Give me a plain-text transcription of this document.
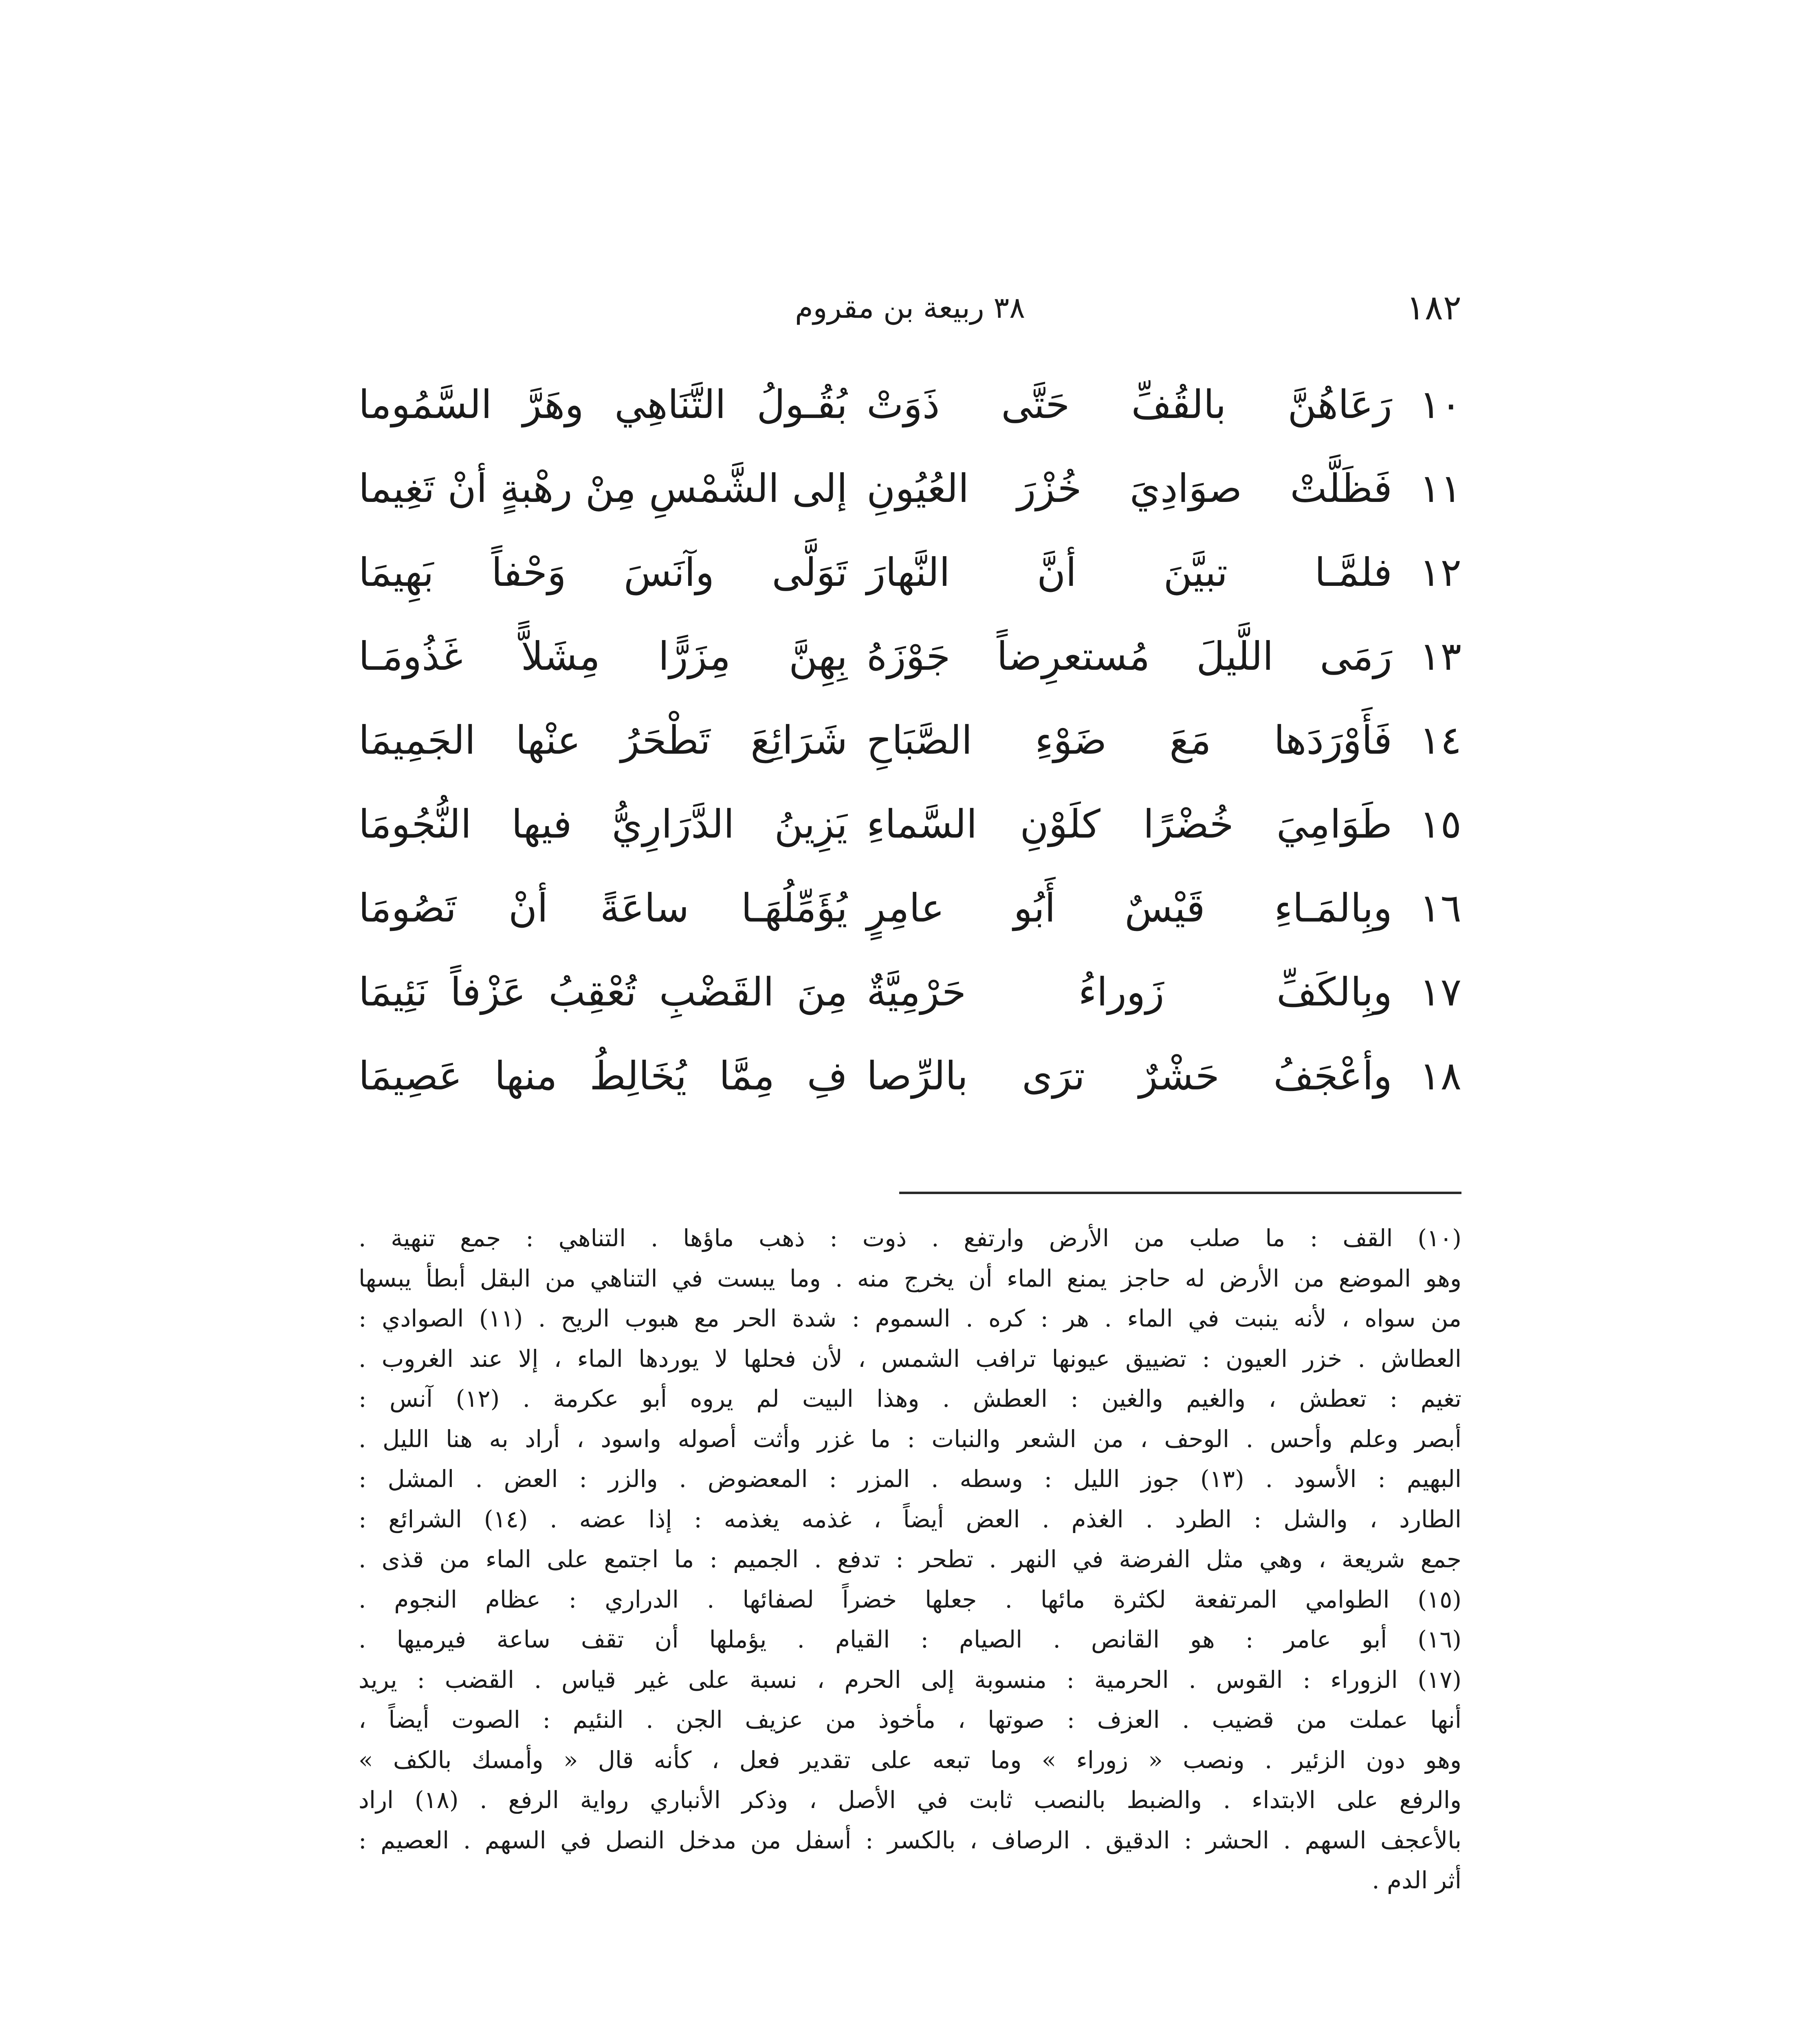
١٨٢
٣٨ ربيعة بن مقروم
١٠
رَعَاهُنَّ بالقُفِّ حَتَّى ذَوَتْ
بُقُـولُ التَّنَاهِي وهَرَّ السَّمُوما
١١
فَظَلَّتْ صوَادِيَ خُزْرَ العُيُونِ
إلى الشَّمْسِ مِنْ رهْبةٍ أنْ تَغِيما
١٢
فلمَّـا تبيَّنَ أنَّ النَّهارَ
تَوَلَّى وآنَسَ وَحْفاً بَهِيمَا
١٣
رَمَى اللَّيلَ مُستعرِضاً جَوْزَهُ
بِهِنَّ مِزَرًّا مِشَلاًّ غَذُومَـا
١٤
فَأَوْرَدَها مَعَ ضَوْءِ الصَّبَاحِ
شَرَائِعَ تَطْحَرُ عنْها الجَمِيمَا
١٥
طَوَامِيَ خُضْرًا كلَوْنِ السَّماءِ
يَزِينُ الدَّرَارِيُّ فيها النُّجُومَا
١٦
وبِالمَـاءِ قَيْسٌ أَبُو عامِرٍ
يُؤَمِّلُهَـا ساعَةً أنْ تَصُومَا
١٧
وبِالكَفِّ زَوراءُ حَرْمِيَّةٌ
مِنَ القَضْبِ تُعْقِبُ عَزْفاً نَئِيمَا
١٨
وأعْجَفُ حَشْرٌ ترَى بالرِّصا
فِ مِمَّا يُخَالِطُ منها عَصِيمَا
(١٠) القف : ما صلب من الأرض وارتفع . ذوت : ذهب ماؤها . التناهي : جمع تنهية .
وهو الموضع من الأرض له حاجز يمنع الماء أن يخرج منه . وما يبست في التناهي من البقل أبطأ يبسها
من سواه ، لأنه ينبت في الماء . هر : كره . السموم : شدة الحر مع هبوب الريح . (١١) الصوادي :
العطاش . خزر العيون : تضييق عيونها ترافب الشمس ، لأن فحلها لا يوردها الماء ، إلا عند الغروب .
تغيم : تعطش ، والغيم والغين : العطش . وهذا البيت لم يروه أبو عكرمة . (١٢) آنس :
أبصر وعلم وأحس . الوحف ، من الشعر والنبات : ما غزر وأثت أصوله واسود ، أراد به هنا الليل .
البهيم : الأسود . (١٣) جوز الليل : وسطه . المزر : المعضوض . والزر : العض . المشل :
الطارد ، والشل : الطرد . الغذم . العض أيضاً ، غذمه يغذمه : إذا عضه . (١٤) الشرائع :
جمع شريعة ، وهي مثل الفرضة في النهر . تطحر : تدفع . الجميم : ما اجتمع على الماء من قذى .
(١٥) الطوامي المرتفعة لكثرة مائها . جعلها خضراً لصفائها . الدراري : عظام النجوم .
(١٦) أبو عامر : هو القانص . الصيام : القيام . يؤملها أن تقف ساعة فيرميها .
(١٧) الزوراء : القوس . الحرمية : منسوبة إلى الحرم ، نسبة على غير قياس . القضب : يريد
أنها عملت من قضيب . العزف : صوتها ، مأخوذ من عزيف الجن . النئيم : الصوت أيضاً ،
وهو دون الزئير . ونصب « زوراء » وما تبعه على تقدير فعل ، كأنه قال « وأمسك بالكف »
والرفع على الابتداء . والضبط بالنصب ثابت في الأصل ، وذكر الأنباري رواية الرفع . (١٨) اراد
بالأعجف السهم . الحشر : الدقيق . الرصاف ، بالكسر : أسفل من مدخل النصل في السهم . العصيم :
أثر الدم .
